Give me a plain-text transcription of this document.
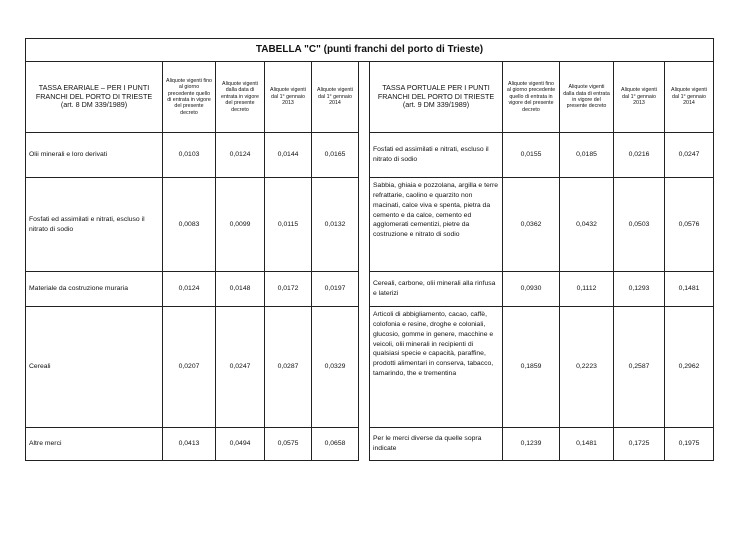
TABELLA "C" (punti franchi del porto di Trieste)										
TASSA ERARIALE – PER I PUNTI FRANCHI DEL PORTO DI TRIESTE (art. 8 DM 339/1989)	Aliquote vigenti fino al giorno precedente quello di entrata in vigore del presente decreto	Aliquote vigenti dalla data di entrata in vigore del presente decreto	Aliquote vigenti dal 1° gennaio 2013	Aliquote vigenti dal 1° gennaio 2014		TASSA PORTUALE PER I PUNTI FRANCHI DEL PORTO DI TRIESTE (art. 9 DM 339/1989)	Aliquote vigenti fino al giorno precedente quello di entrata in vigore del presente decreto	Aliquote vigenti dalla data di entrata in vigore del presente decreto	Aliquote vigenti dal 1° gennaio 2013	Aliquote vigenti dal 1° gennaio 2014
Olii minerali e loro derivati	0,0103	0,0124	0,0144	0,0165		Fosfati ed assimilati e nitrati, escluso il nitrato di sodio	0,0155	0,0185	0,0216	0,0247
Fosfati ed assimilati e nitrati, escluso il nitrato di sodio	0,0083	0,0099	0,0115	0,0132		Sabbia, ghiaia e pozzolana, argilla e terre refrattarie, caolino e quarzito non macinati, calce viva e spenta, pietra da cemento e da calce, cemento ed agglomerati cementizi, pietre da costruzione e nitrato di sodio	0,0362	0,0432	0,0503	0,0576
Materiale da costruzione muraria	0,0124	0,0148	0,0172	0,0197		Cereali, carbone, olii minerali alla rinfusa e laterizi	0,0930	0,1112	0,1293	0,1481
Cereali	0,0207	0,0247	0,0287	0,0329		Articoli di abbigliamento, cacao, caffè, colofonia e resine, droghe e coloniali, glucosio, gomme in genere, macchine e veicoli, olii minerali in recipienti di qualsiasi specie e capacità, paraffine, prodotti alimentari in conserva, tabacco, tamarindo, the e trementina	0,1859	0,2223	0,2587	0,2962
Altre merci	0,0413	0,0494	0,0575	0,0658		Per le merci diverse da quelle sopra indicate	0,1239	0,1481	0,1725	0,1975
